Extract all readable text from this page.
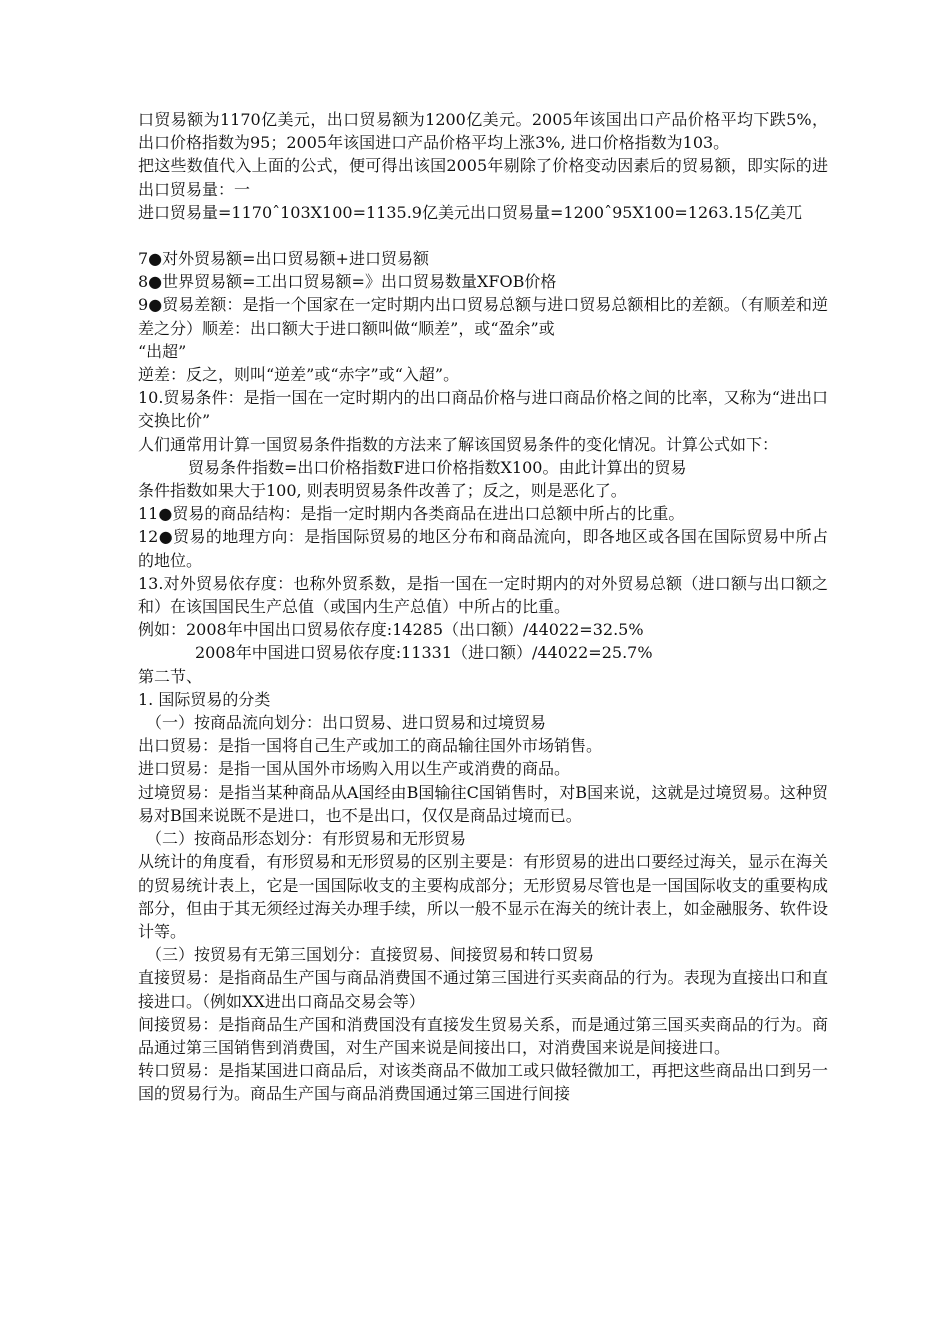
口贸易额为1170亿美元，出口贸易额为1200亿美元。2005年该国出口产品价格平均下跌5%，出口价格指数为95；2005年该国进口产品价格平均上涨3%, 进口价格指数为103。

把这些数值代入上面的公式，便可得出该国2005年剔除了价格变动因素后的贸易额，即实际的进出口贸易量：一

进口贸易量=1170ˆ103X100=1135.9亿美元出口贸易量=1200ˆ95X100=1263.15亿美兀

7●对外贸易额=出口贸易额+进口贸易额

8●世界贸易额=工出口贸易额=》出口贸易数量XFOB价格

9●贸易差额：是指一个国家在一定时期内出口贸易总额与进口贸易总额相比的差额。（有顺差和逆差之分）顺差：出口额大于进口额叫做“顺差”，或“盈余”或

“出超”

逆差：反之，则叫“逆差”或“赤字”或“入超”。

10.贸易条件：是指一国在一定时期内的出口商品价格与进口商品价格之间的比率，又称为“进出口交换比价”

人们通常用计算一国贸易条件指数的方法来了解该国贸易条件的变化情况。计算公式如下：

贸易条件指数=出口价格指数F进口价格指数X100。由此计算出的贸易

条件指数如果大于100, 则表明贸易条件改善了；反之，则是恶化了。

11●贸易的商品结构：是指一定时期内各类商品在进出口总额中所占的比重。

12●贸易的地理方向：是指国际贸易的地区分布和商品流向，即各地区或各国在国际贸易中所占的地位。

13.对外贸易依存度：也称外贸系数，是指一国在一定时期内的对外贸易总额（进口额与出口额之和）在该国国民生产总值（或国内生产总值）中所占的比重。

例如：2008年中国出口贸易依存度:14285（出口额）/44022=32.5%

2008年中国进口贸易依存度:11331（进口额）/44022=25.7%

第二节、

1. 国际贸易的分类

（一）按商品流向划分：出口贸易、进口贸易和过境贸易

出口贸易：是指一国将自己生产或加工的商品输往国外市场销售。

进口贸易：是指一国从国外市场购入用以生产或消费的商品。

过境贸易：是指当某种商品从A国经由B国输往C国销售时，对B国来说，这就是过境贸易。这种贸易对B国来说既不是进口，也不是出口，仅仅是商品过境而已。

（二）按商品形态划分：有形贸易和无形贸易

从统计的角度看，有形贸易和无形贸易的区别主要是：有形贸易的进出口要经过海关，显示在海关的贸易统计表上，它是一国国际收支的主要构成部分；无形贸易尽管也是一国国际收支的重要构成部分，但由于其无须经过海关办理手续，所以一般不显示在海关的统计表上，如金融服务、软件设计等。

（三）按贸易有无第三国划分：直接贸易、间接贸易和转口贸易

直接贸易：是指商品生产国与商品消费国不通过第三国进行买卖商品的行为。表现为直接出口和直接进口。（例如XX进出口商品交易会等）

间接贸易：是指商品生产国和消费国没有直接发生贸易关系，而是通过第三国买卖商品的行为。商品通过第三国销售到消费国，对生产国来说是间接出口，对消费国来说是间接进口。

转口贸易：是指某国进口商品后，对该类商品不做加工或只做轻微加工，再把这些商品出口到另一国的贸易行为。商品生产国与商品消费国通过第三国进行间接
